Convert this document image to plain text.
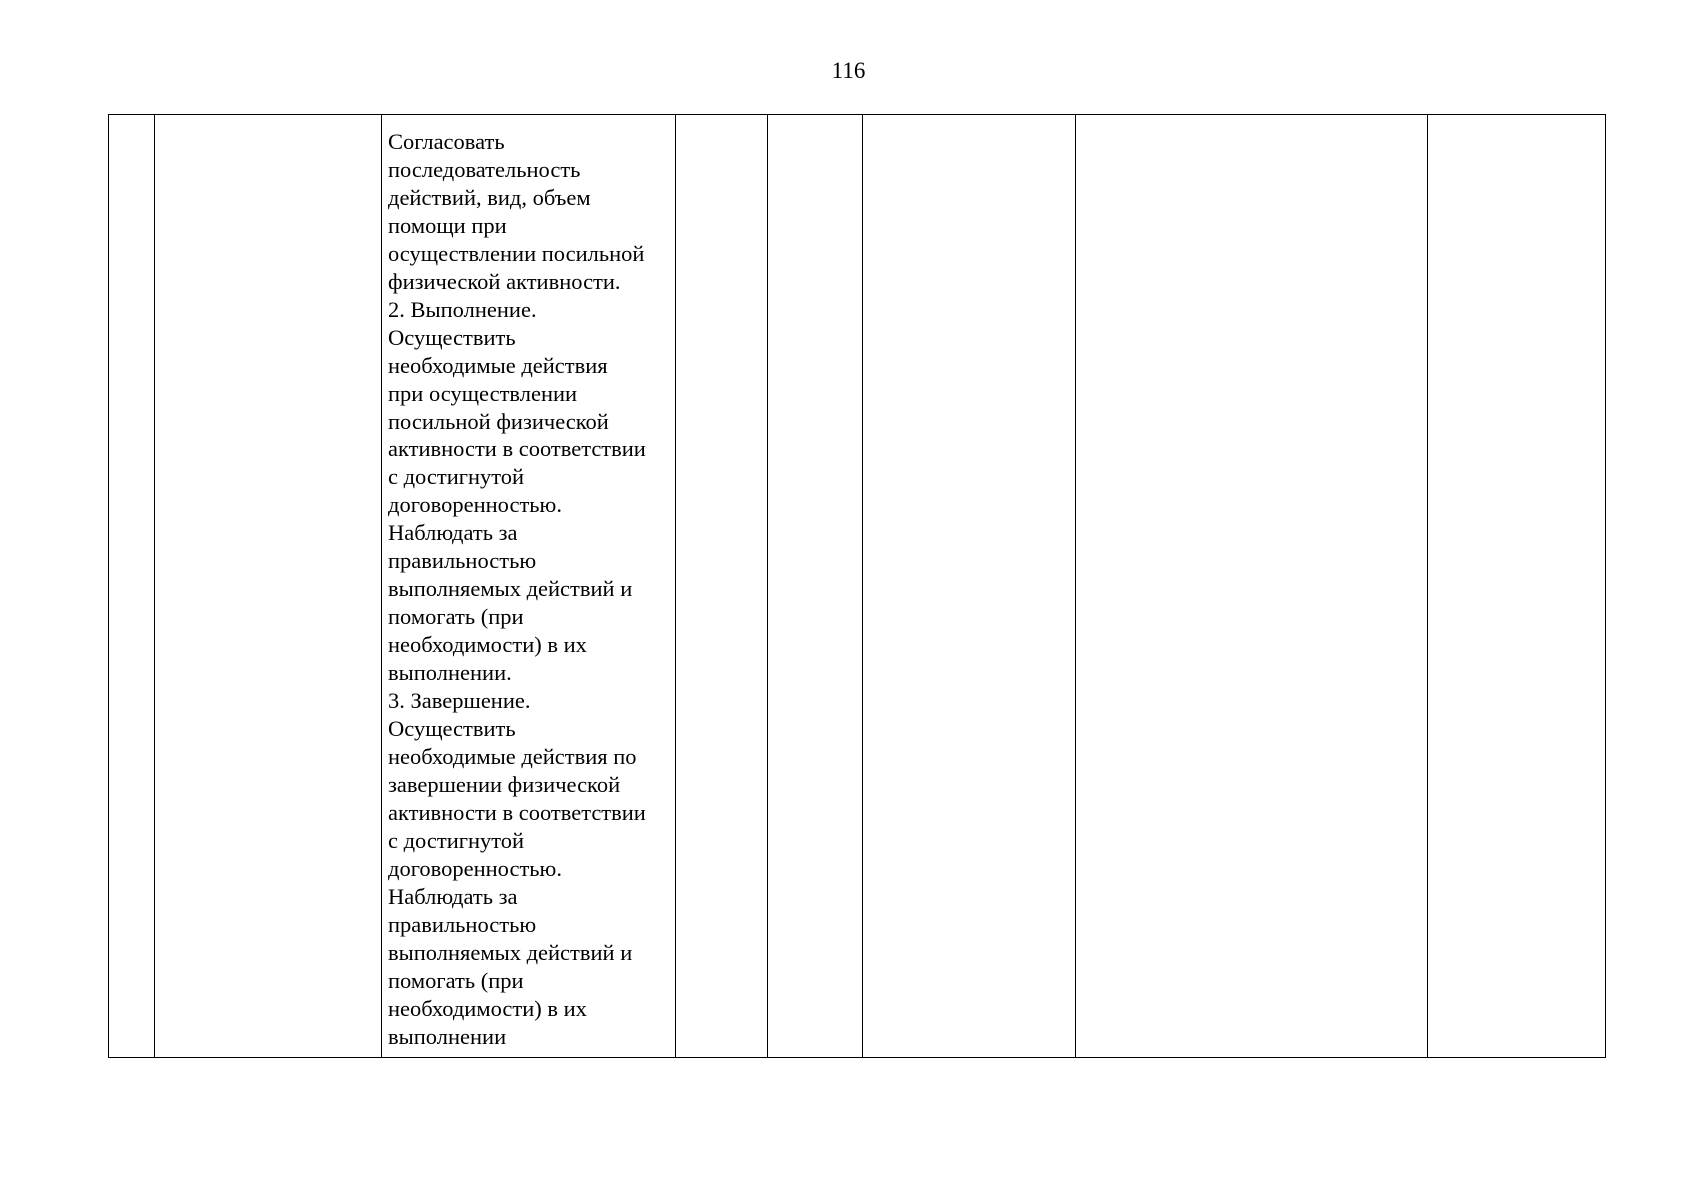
116

Согласовать
последовательность
действий, вид, объем
помощи при
осуществлении посильной
физической активности.
2. Выполнение.
Осуществить
необходимые действия
при осуществлении
посильной физической
активности в соответствии
с достигнутой
договоренностью.
Наблюдать за
правильностью
выполняемых действий и
помогать (при
необходимости) в их
выполнении.
3. Завершение.
Осуществить
необходимые действия по
завершении физической
активности в соответствии
с достигнутой
договоренностью.
Наблюдать за
правильностью
выполняемых действий и
помогать (при
необходимости) в их
выполнении
